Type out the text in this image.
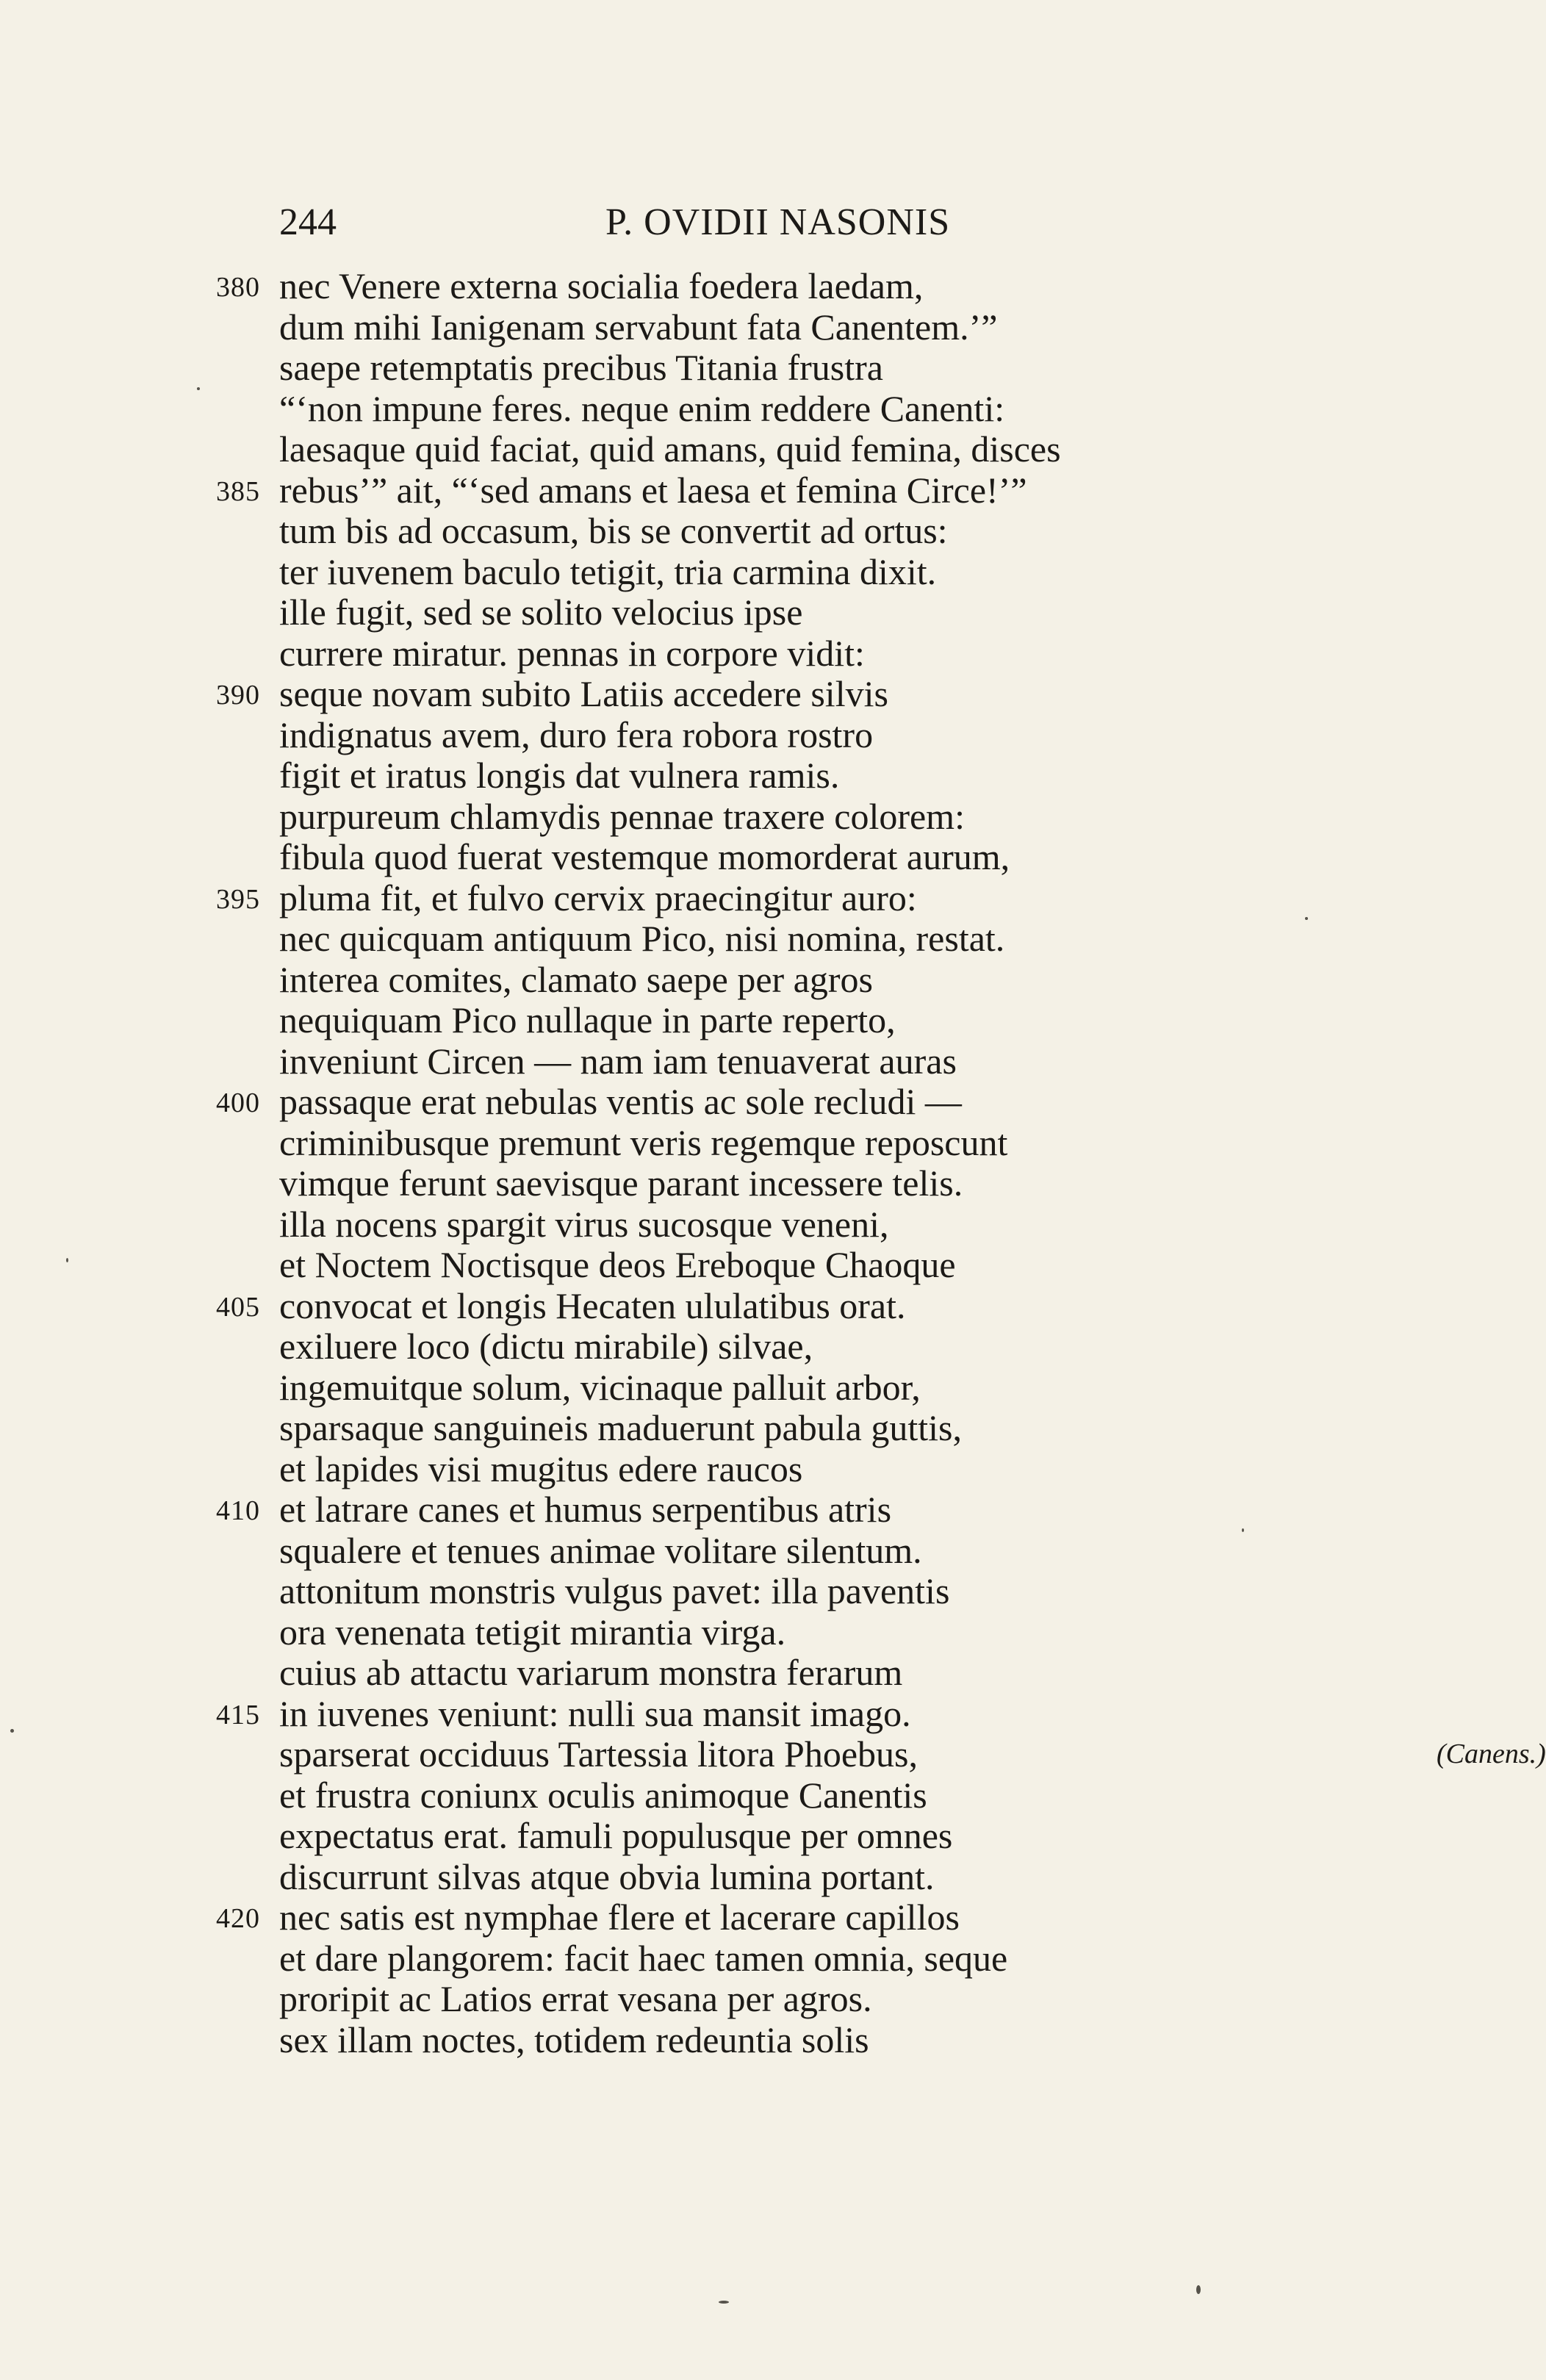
244	P. OVIDII NASONIS
380 nec Venere externa socialia foedera laedam,
dum mihi Ianigenam servabunt fata Canentem.’”
saepe retemptatis precibus Titania frustra
“‘non impune feres. neque enim reddere Canenti:
laesaque quid faciat, quid amans, quid femina, disces
385 rebus’” ait, “‘sed amans et laesa et femina Circe!’”
tum bis ad occasum, bis se convertit ad ortus:
ter iuvenem baculo tetigit, tria carmina dixit.
ille fugit, sed se solito velocius ipse
currere miratur. pennas in corpore vidit:
390 seque novam subito Latiis accedere silvis
indignatus avem, duro fera robora rostro
figit et iratus longis dat vulnera ramis.
purpureum chlamydis pennae traxere colorem:
fibula quod fuerat vestemque momorderat aurum,
395 pluma fit, et fulvo cervix praecingitur auro:
nec quicquam antiquum Pico, nisi nomina, restat.
interea comites, clamato saepe per agros
nequiquam Pico nullaque in parte reperto,
inveniunt Circen — nam iam tenuaverat auras
400 passaque erat nebulas ventis ac sole recludi —
criminibusque premunt veris regemque reposcunt
vimque ferunt saevisque parant incessere telis.
illa nocens spargit virus sucosque veneni,
et Noctem Noctisque deos Ereboque Chaoque
405 convocat et longis Hecaten ululatibus orat.
exiluere loco (dictu mirabile) silvae,
ingemuitque solum, vicinaque palluit arbor,
sparsaque sanguineis maduerunt pabula guttis,
et lapides visi mugitus edere raucos
410 et latrare canes et humus serpentibus atris
squalere et tenues animae volitare silentum.
attonitum monstris vulgus pavet: illa paventis
ora venenata tetigit mirantia virga.
cuius ab attactu variarum monstra ferarum
415 in iuvenes veniunt: nulli sua mansit imago.
sparserat occiduus Tartessia litora Phoebus,	(Canens.)
et frustra coniunx oculis animoque Canentis
expectatus erat. famuli populusque per omnes
discurrunt silvas atque obvia lumina portant.
420 nec satis est nymphae flere et lacerare capillos
et dare plangorem: facit haec tamen omnia, seque
proripit ac Latios errat vesana per agros.
sex illam noctes, totidem redeuntia solis
